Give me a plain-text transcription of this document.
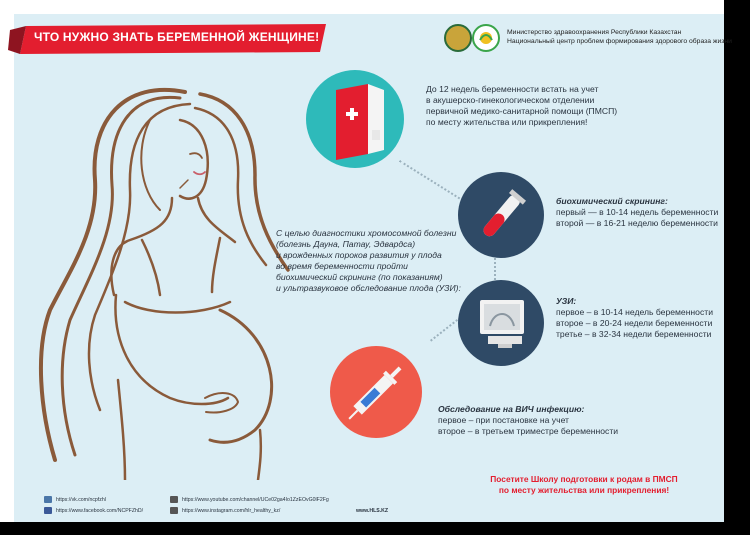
ЧТО НУЖНО ЗНАТЬ БЕРЕМЕННОЙ ЖЕНЩИНЕ!	Министерство здравоохранения Республики Казахстан
Национальный центр проблем формирования здорового образа жизни
До 12 недель беременности встать на учет
в акушерско-гинекологическом отделении
первичной медико-санитарной помощи (ПМСП)
по месту жительства или прикрепления!
С целью диагностики хромосомной болезни
(болезнь Дауна, Патау, Эдвардса)
и врожденных пороков развития у плода
во время беременности пройти
биохимический скрининг (по показаниям)
и ультразвуковое обследование плода (УЗИ):
биохимический скрининг:
первый — в 10-14 недель беременности
второй — в 16-21 неделю беременности
УЗИ:
первое – в 10-14 недель беременности
второе – в 20-24 недели беременности
третье – в 32-34 недели беременности
Обследование на ВИЧ инфекцию:
первое – при постановке на учет
второе – в третьем триместре беременности
Посетите Школу подготовки к родам в ПМСП
по месту жительства или прикрепления!
https://vk.com/ncpfzhl
https://www.facebook.com/NCPFZhD/
https://www.youtube.com/channel/UCe02ga4Io1ZzEOvG0lF2Fg
https://www.instagram.com/hlr_healthy_kz/	www.HLS.KZ
